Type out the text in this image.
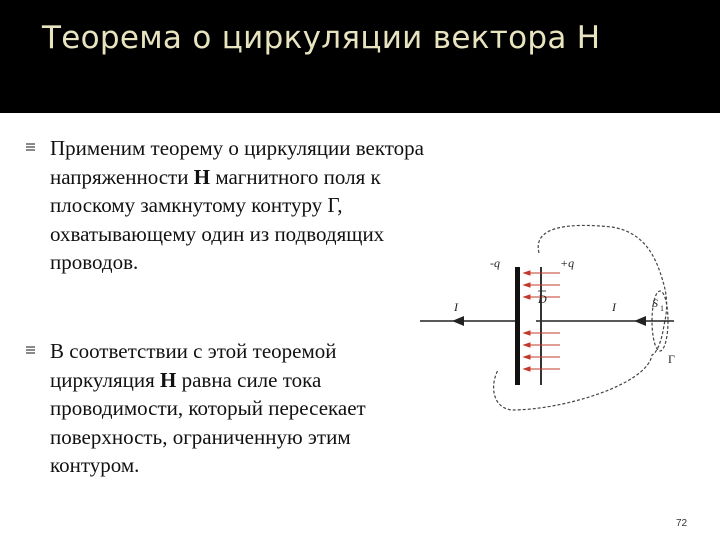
Теорема о циркуляции вектора Н
Применим теорему о циркуляции вектора напряженности Н магнитного поля к плоскому замкнутому контуру Г, охватывающему один из подводящих проводов.
В соответствии с этой теоремой циркуляция Н равна силе тока проводимости, который пересекает поверхность, ограниченную этим контуром.
-q	+q
D
I	I	S 1
Г
72
